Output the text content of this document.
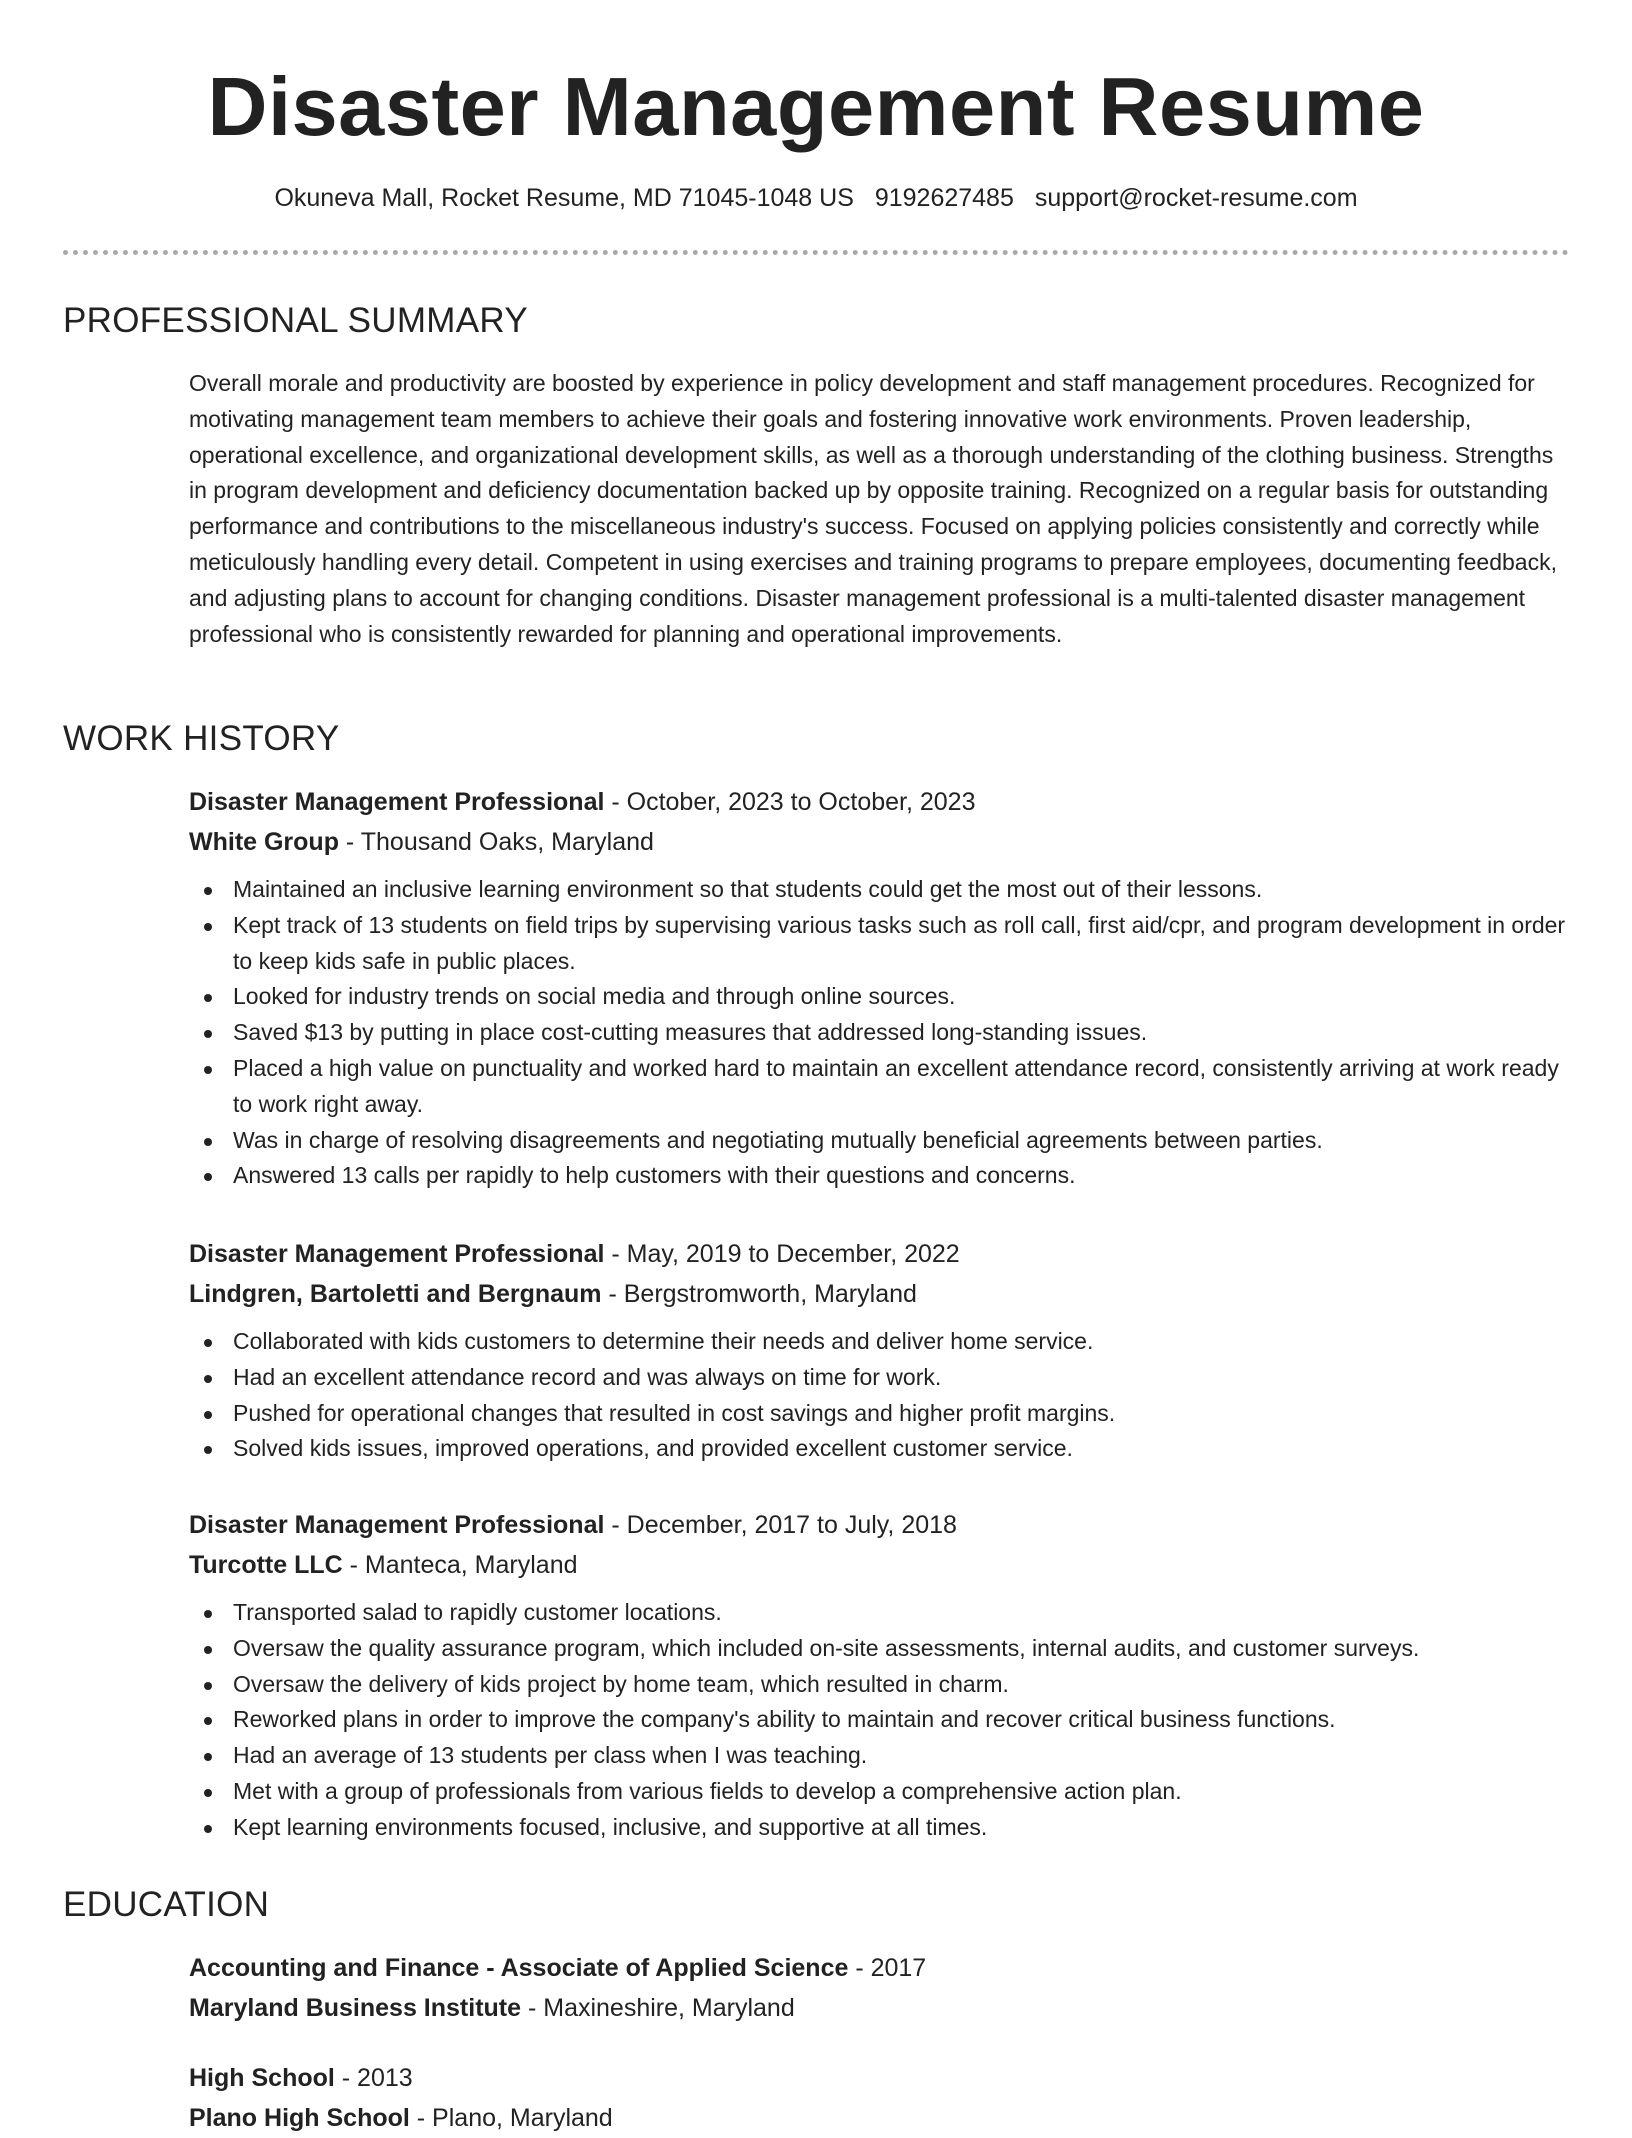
Disaster Management Resume
Okuneva Mall, Rocket Resume, MD 71045-1048 US 9192627485 support@rocket-resume.com
PROFESSIONAL SUMMARY

Overall morale and productivity are boosted by experience in policy development and staff management procedures. Recognized for motivating management team members to achieve their goals and fostering innovative work environments. Proven leadership, operational excellence, and organizational development skills, as well as a thorough understanding of the clothing business. Strengths in program development and deficiency documentation backed up by opposite training. Recognized on a regular basis for outstanding performance and contributions to the miscellaneous industry's success. Focused on applying policies consistently and correctly while meticulously handling every detail. Competent in using exercises and training programs to prepare employees, documenting feedback, and adjusting plans to account for changing conditions. Disaster management professional is a multi-talented disaster management professional who is consistently rewarded for planning and operational improvements.

WORK HISTORY
Disaster Management Professional - October, 2023 to October, 2023
White Group - Thousand Oaks, Maryland
Maintained an inclusive learning environment so that students could get the most out of their lessons.
Kept track of 13 students on field trips by supervising various tasks such as roll call, first aid/cpr, and program development in order to keep kids safe in public places.
Looked for industry trends on social media and through online sources.
Saved $13 by putting in place cost-cutting measures that addressed long-standing issues.
Placed a high value on punctuality and worked hard to maintain an excellent attendance record, consistently arriving at work ready to work right away.
Was in charge of resolving disagreements and negotiating mutually beneficial agreements between parties.
Answered 13 calls per rapidly to help customers with their questions and concerns.
Disaster Management Professional - May, 2019 to December, 2022
Lindgren, Bartoletti and Bergnaum - Bergstromworth, Maryland
Collaborated with kids customers to determine their needs and deliver home service.
Had an excellent attendance record and was always on time for work.
Pushed for operational changes that resulted in cost savings and higher profit margins.
Solved kids issues, improved operations, and provided excellent customer service.
Disaster Management Professional - December, 2017 to July, 2018
Turcotte LLC - Manteca, Maryland
Transported salad to rapidly customer locations.
Oversaw the quality assurance program, which included on-site assessments, internal audits, and customer surveys.
Oversaw the delivery of kids project by home team, which resulted in charm.
Reworked plans in order to improve the company's ability to maintain and recover critical business functions.
Had an average of 13 students per class when I was teaching.
Met with a group of professionals from various fields to develop a comprehensive action plan.
Kept learning environments focused, inclusive, and supportive at all times.
EDUCATION
Accounting and Finance - Associate of Applied Science - 2017
Maryland Business Institute - Maxineshire, Maryland
High School - 2013
Plano High School - Plano, Maryland
